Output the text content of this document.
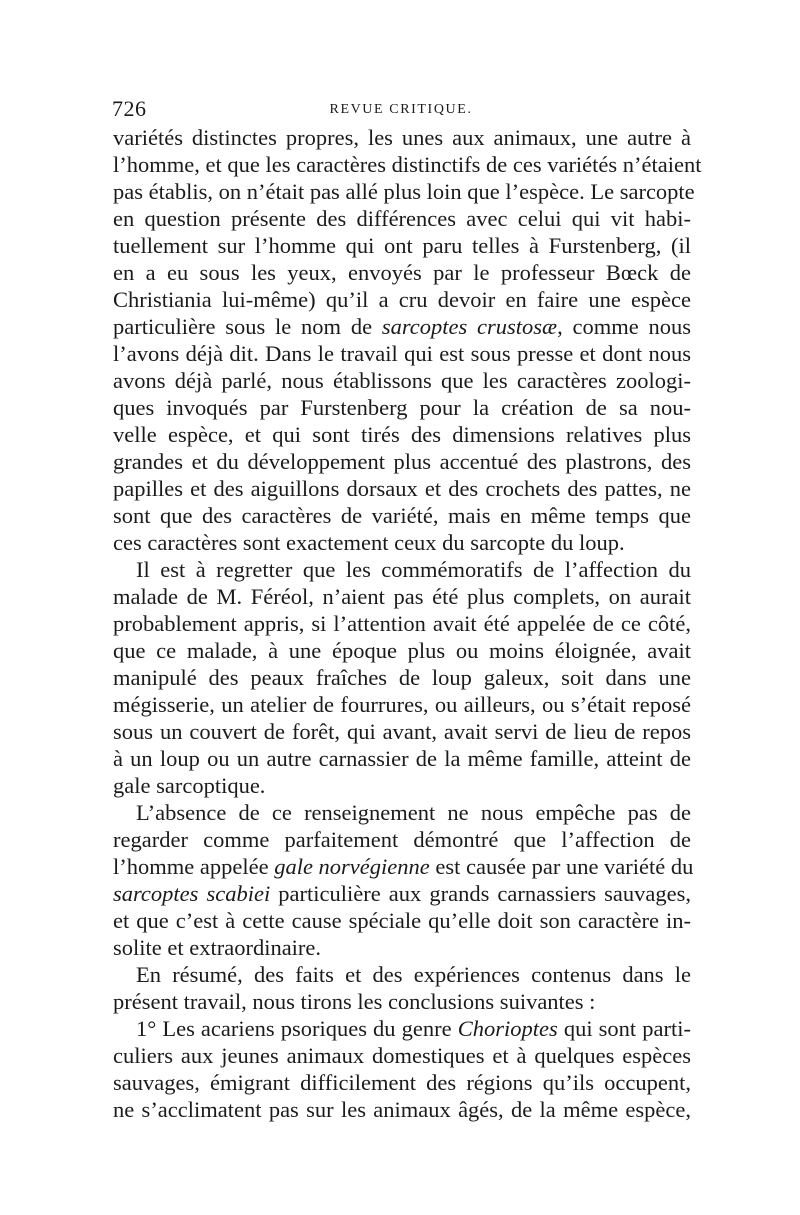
726	REVUE CRITIQUE.
variétés distinctes propres, les unes aux animaux, une autre à
l’homme, et que les caractères distinctifs de ces variétés n’étaient
pas établis, on n’était pas allé plus loin que l’espèce. Le sarcopte
en question présente des différences avec celui qui vit habi-
tuellement sur l’homme qui ont paru telles à Furstenberg, (il
en a eu sous les yeux, envoyés par le professeur Bœck de
Christiania lui-même) qu’il a cru devoir en faire une espèce
particulière sous le nom de sarcoptes crustosæ, comme nous
l’avons déjà dit. Dans le travail qui est sous presse et dont nous
avons déjà parlé, nous établissons que les caractères zoologi-
ques invoqués par Furstenberg pour la création de sa nou-
velle espèce, et qui sont tirés des dimensions relatives plus
grandes et du développement plus accentué des plastrons, des
papilles et des aiguillons dorsaux et des crochets des pattes, ne
sont que des caractères de variété, mais en même temps que
ces caractères sont exactement ceux du sarcopte du loup.
Il est à regretter que les commémoratifs de l’affection du
malade de M. Féréol, n’aient pas été plus complets, on aurait
probablement appris, si l’attention avait été appelée de ce côté,
que ce malade, à une époque plus ou moins éloignée, avait
manipulé des peaux fraîches de loup galeux, soit dans une
mégisserie, un atelier de fourrures, ou ailleurs, ou s’était reposé
sous un couvert de forêt, qui avant, avait servi de lieu de repos
à un loup ou un autre carnassier de la même famille, atteint de
gale sarcoptique.
L’absence de ce renseignement ne nous empêche pas de
regarder comme parfaitement démontré que l’affection de
l’homme appelée gale norvégienne est causée par une variété du
sarcoptes scabiei particulière aux grands carnassiers sauvages,
et que c’est à cette cause spéciale qu’elle doit son caractère in-
solite et extraordinaire.
En résumé, des faits et des expériences contenus dans le
présent travail, nous tirons les conclusions suivantes :
1° Les acariens psoriques du genre Chorioptes qui sont parti-
culiers aux jeunes animaux domestiques et à quelques espèces
sauvages, émigrant difficilement des régions qu’ils occupent,
ne s’acclimatent pas sur les animaux âgés, de la même espèce,
